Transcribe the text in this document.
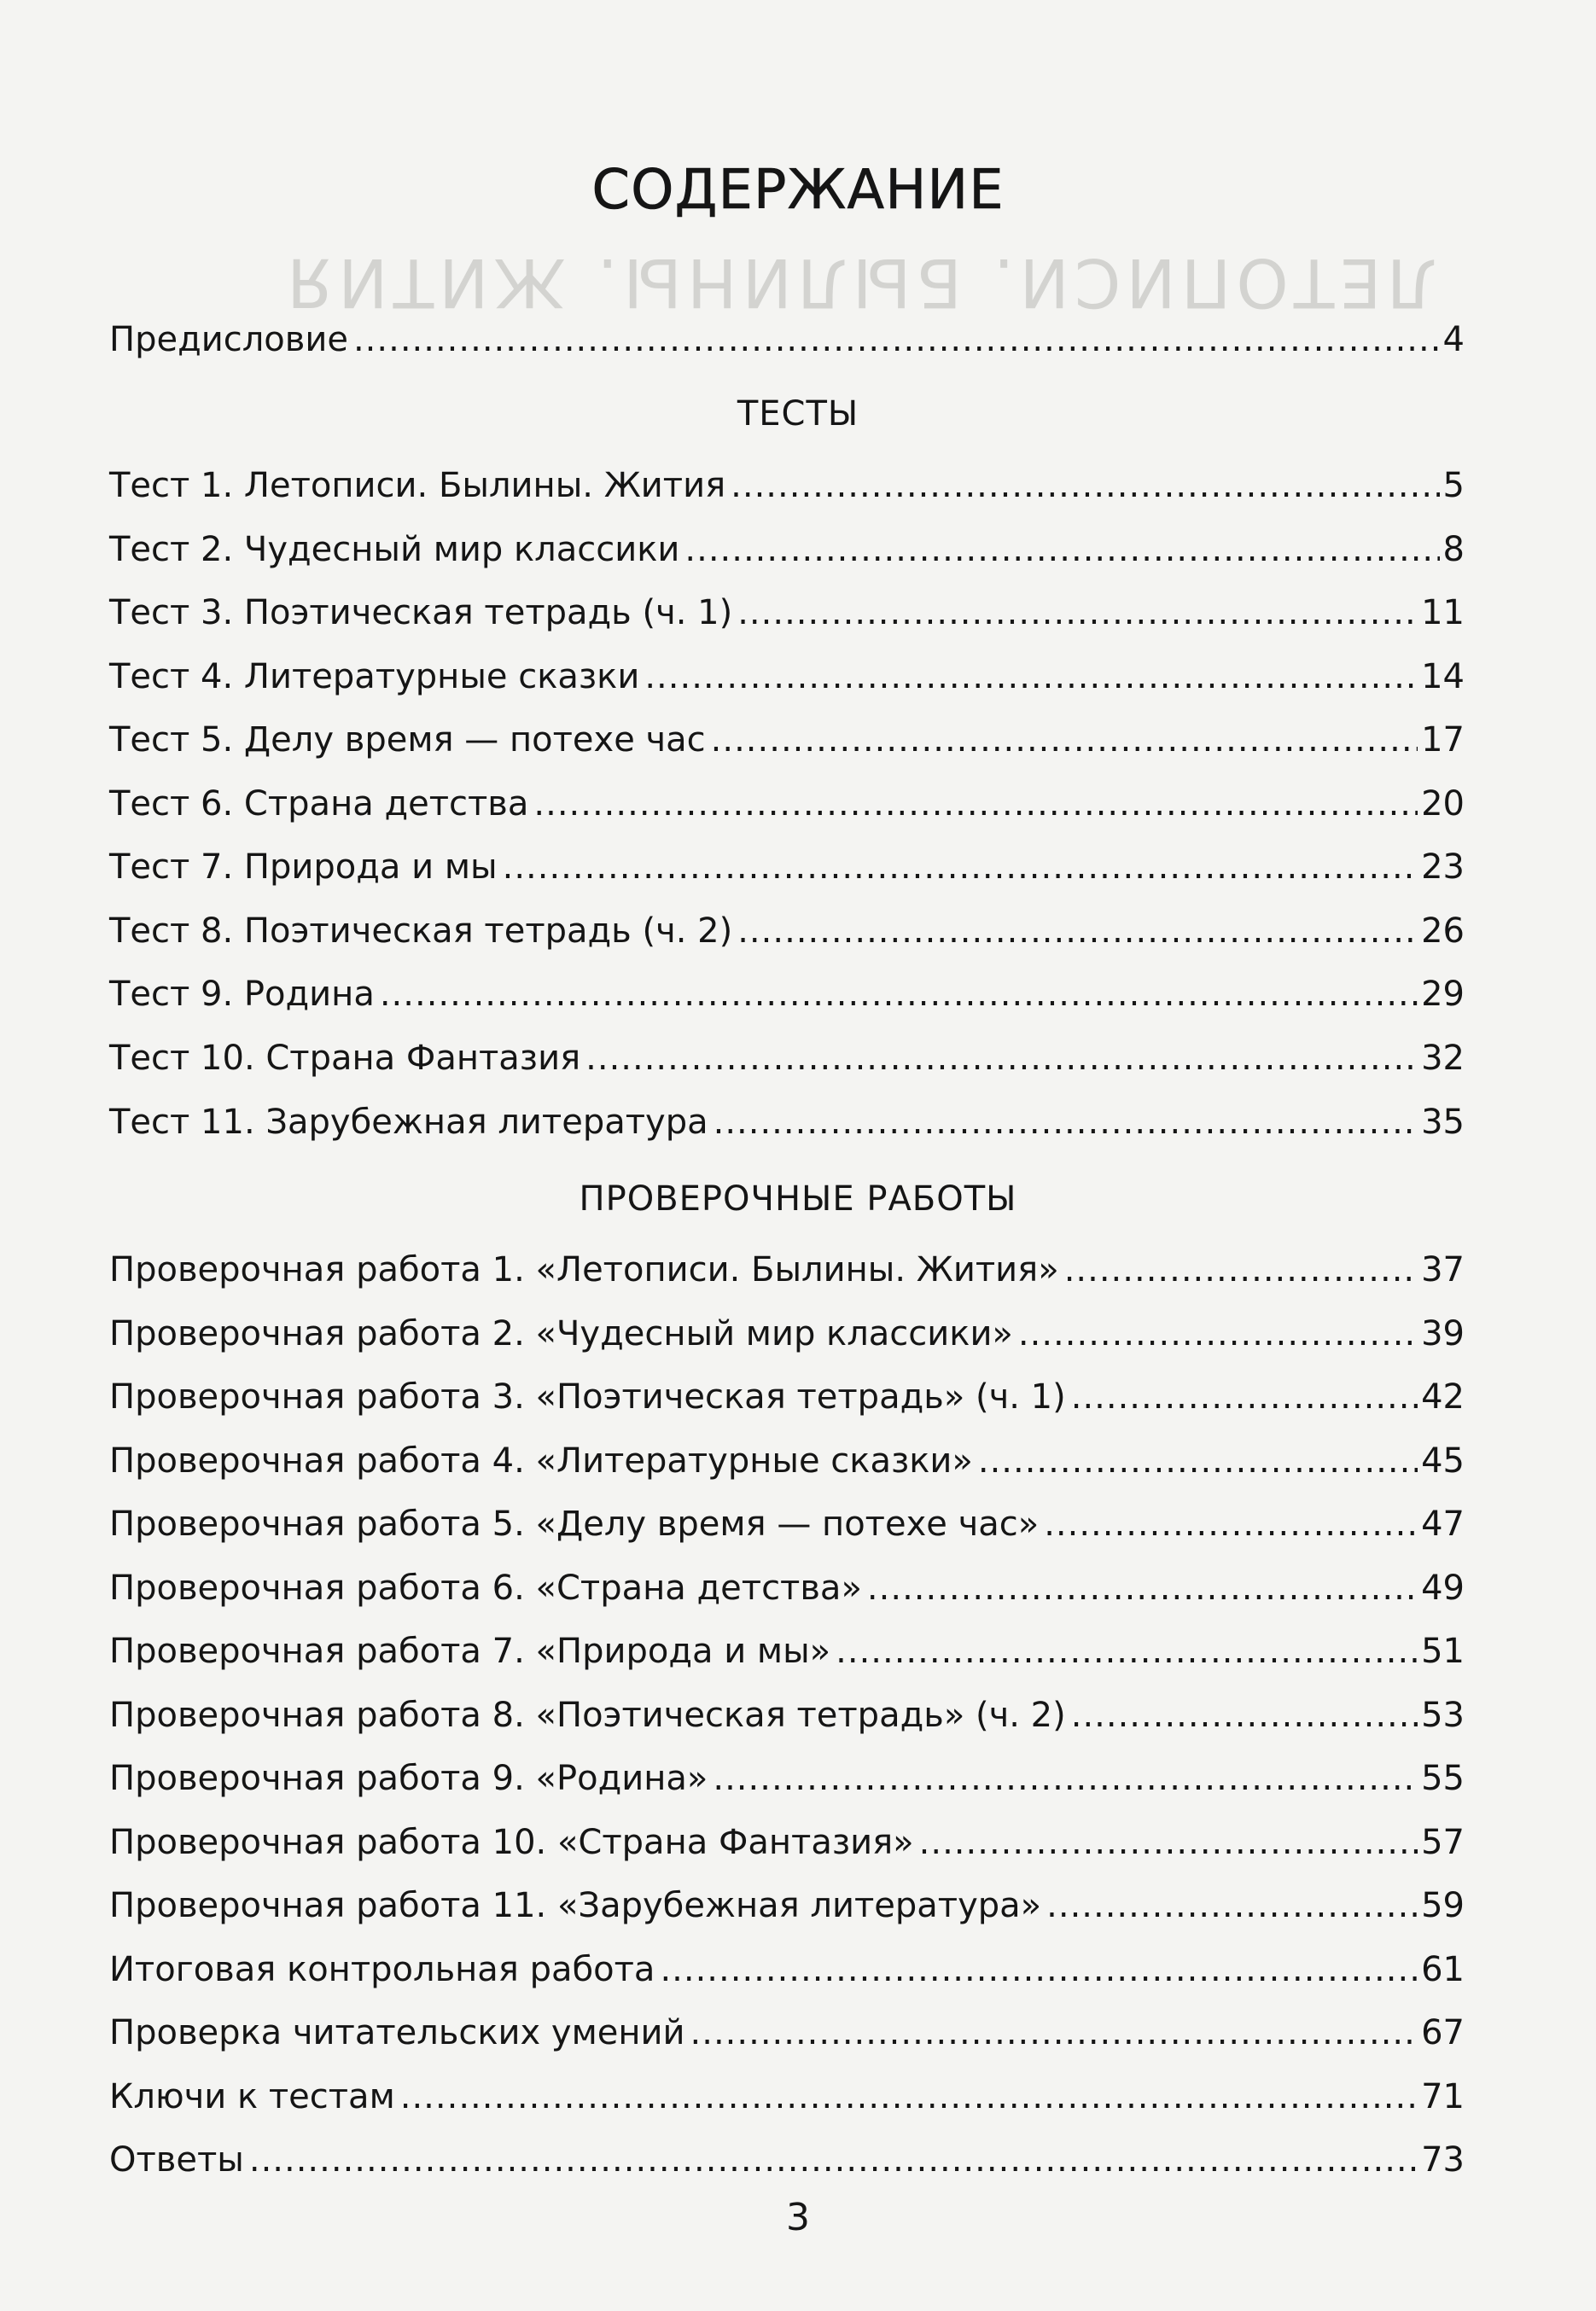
ЛЕТОПИСИ. БЫЛИНЫ. ЖИТИЯ
СОДЕРЖАНИЕ
Предисловие .....	4
ТЕСТЫ
Тест 1. Летописи. Былины. Жития .....	5
Тест 2. Чудесный мир классики .....	8
Тест 3. Поэтическая тетрадь (ч. 1) .....	11
Тест 4. Литературные сказки .....	14
Тест 5. Делу время — потехе час .....	17
Тест 6. Страна детства .....	20
Тест 7. Природа и мы .....	23
Тест 8. Поэтическая тетрадь (ч. 2) .....	26
Тест 9. Родина .....	29
Тест 10. Страна Фантазия .....	32
Тест 11. Зарубежная литература .....	35
ПРОВЕРОЧНЫЕ РАБОТЫ
Проверочная работа 1. «Летописи. Былины. Жития» .....	37
Проверочная работа 2. «Чудесный мир классики» .....	39
Проверочная работа 3. «Поэтическая тетрадь» (ч. 1) .....	42
Проверочная работа 4. «Литературные сказки» .....	45
Проверочная работа 5. «Делу время — потехе час» .....	47
Проверочная работа 6. «Страна детства» .....	49
Проверочная работа 7. «Природа и мы» .....	51
Проверочная работа 8. «Поэтическая тетрадь» (ч. 2) .....	53
Проверочная работа 9. «Родина» .....	55
Проверочная работа 10. «Страна Фантазия» .....	57
Проверочная работа 11. «Зарубежная литература» .....	59
Итоговая контрольная работа .....	61
Проверка читательских умений .....	67
Ключи к тестам .....	71
Ответы .....	73
3
